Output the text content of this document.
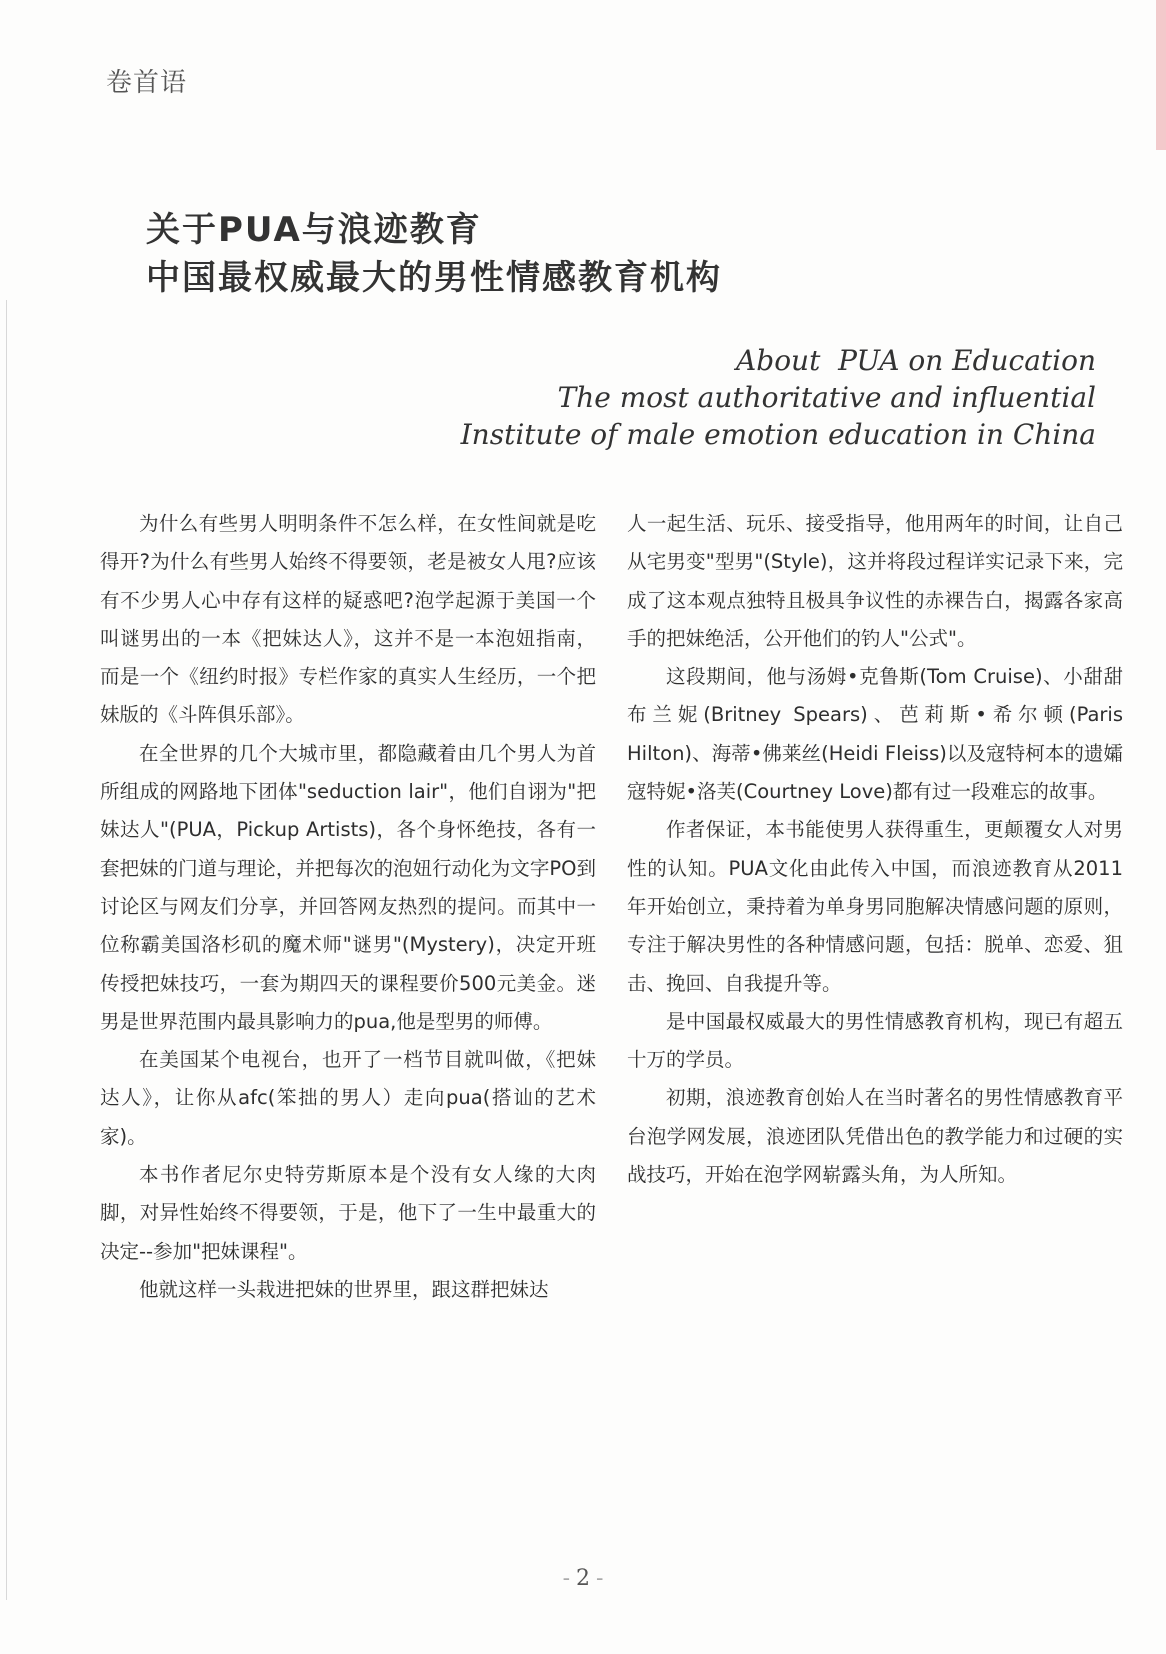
卷首语
关于PUA与浪迹教育
中国最权威最大的男性情感教育机构
About  PUA on Education
The most authoritative and influential
Institute of male emotion education in China

为什么有些男人明明条件不怎么样，在女性间就是吃得开?为什么有些男人始终不得要领，老是被女人甩?应该有不少男人心中存有这样的疑惑吧?泡学起源于美国一个叫谜男出的一本《把妹达人》，这并不是一本泡妞指南，而是一个《纽约时报》专栏作家的真实人生经历，一个把妹版的《斗阵俱乐部》。

在全世界的几个大城市里，都隐藏着由几个男人为首所组成的网路地下团体"seduction lair"，他们自诩为"把妹达人"(PUA，Pickup Artists)，各个身怀绝技，各有一套把妹的门道与理论，并把每次的泡妞行动化为文字PO到讨论区与网友们分享，并回答网友热烈的提问。而其中一位称霸美国洛杉矶的魔术师"谜男"(Mystery)，决定开班传授把妹技巧，一套为期四天的课程要价500元美金。迷男是世界范围内最具影响力的pua,他是型男的师傅。

在美国某个电视台，也开了一档节目就叫做，《把妹达人》，让你从afc(笨拙的男人）走向pua(搭讪的艺术家)。

本书作者尼尔史特劳斯原本是个没有女人缘的大肉脚，对异性始终不得要领，于是，他下了一生中最重大的决定--参加"把妹课程"。

他就这样一头栽进把妹的世界里，跟这群把妹达

人一起生活、玩乐、接受指导，他用两年的时间，让自己从宅男变"型男"(Style)，这并将段过程详实记录下来，完成了这本观点独特且极具争议性的赤裸告白，揭露各家高手的把妹绝活，公开他们的钓人"公式"。

这段期间，他与汤姆•克鲁斯(Tom Cruise)、小甜甜布兰妮(Britney Spears)、芭莉斯•希尔顿(Paris Hilton)、海蒂•佛莱丝(Heidi Fleiss)以及寇特柯本的遗孀寇特妮•洛芙(Courtney Love)都有过一段难忘的故事。

作者保证，本书能使男人获得重生，更颠覆女人对男性的认知。PUA文化由此传入中国，而浪迹教育从2011年开始创立，秉持着为单身男同胞解决情感问题的原则，专注于解决男性的各种情感问题，包括：脱单、恋爱、狙击、挽回、自我提升等。

是中国最权威最大的男性情感教育机构，现已有超五十万的学员。

初期，浪迹教育创始人在当时著名的男性情感教育平台泡学网发展，浪迹团队凭借出色的教学能力和过硬的实战技巧，开始在泡学网崭露头角，为人所知。

- 2 -
